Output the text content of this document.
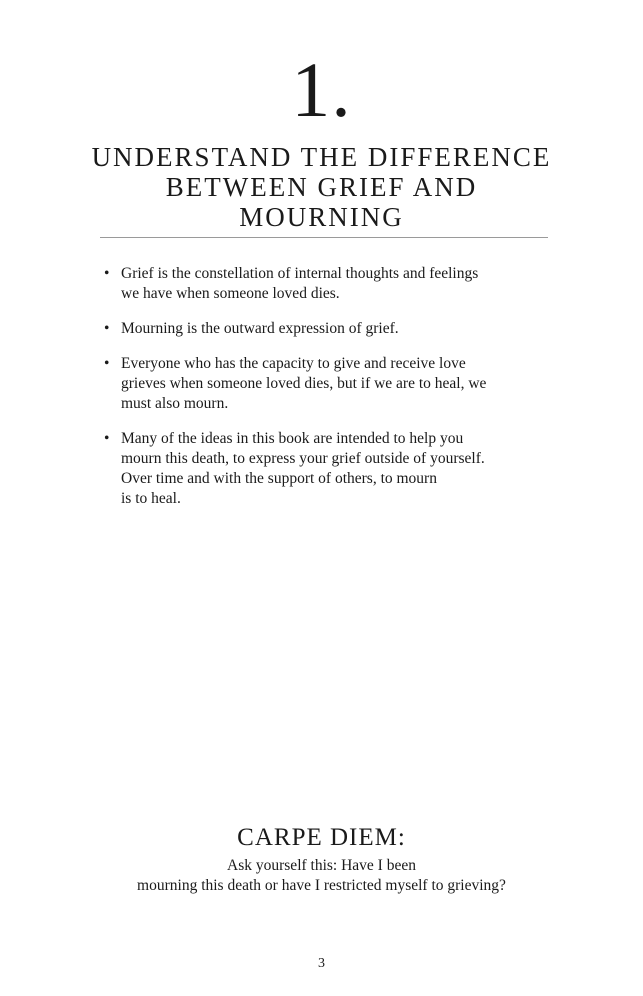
1.
UNDERSTAND THE DIFFERENCE
BETWEEN GRIEF AND
MOURNING
• Grief is the constellation of internal thoughts and feelings
we have when someone loved dies.
• Mourning is the outward expression of grief.
• Everyone who has the capacity to give and receive love
grieves when someone loved dies, but if we are to heal, we
must also mourn.
• Many of the ideas in this book are intended to help you
mourn this death, to express your grief outside of yourself.
Over time and with the support of others, to mourn
is to heal.
CARPE DIEM:
Ask yourself this: Have I been
mourning this death or have I restricted myself to grieving?
3
